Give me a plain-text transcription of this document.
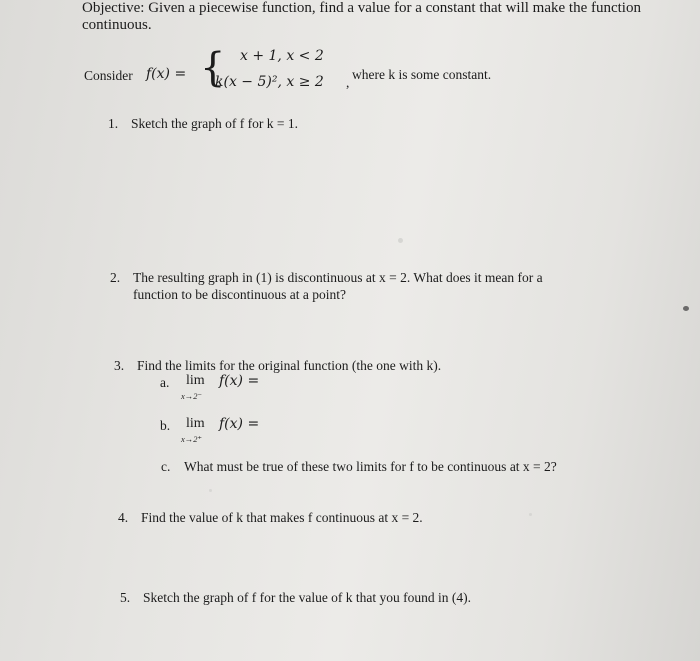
Objective: Given a piecewise function, find a value for a constant that will make the function continuous.
Consider f(x) = { x + 1, x < 2
k(x − 5)², x ≥ 2 ,
where k is some constant.
1. Sketch the graph of f for k = 1.
2. The resulting graph in (1) is discontinuous at x = 2. What does it mean for a
function to be discontinuous at a point?
3. Find the limits for the original function (the one with k).
a. lim
x→2⁻
f(x) =
b. lim
x→2⁺
f(x) =
c. What must be true of these two limits for f to be continuous at x = 2?
4. Find the value of k that makes f continuous at x = 2.
5. Sketch the graph of f for the value of k that you found in (4).
